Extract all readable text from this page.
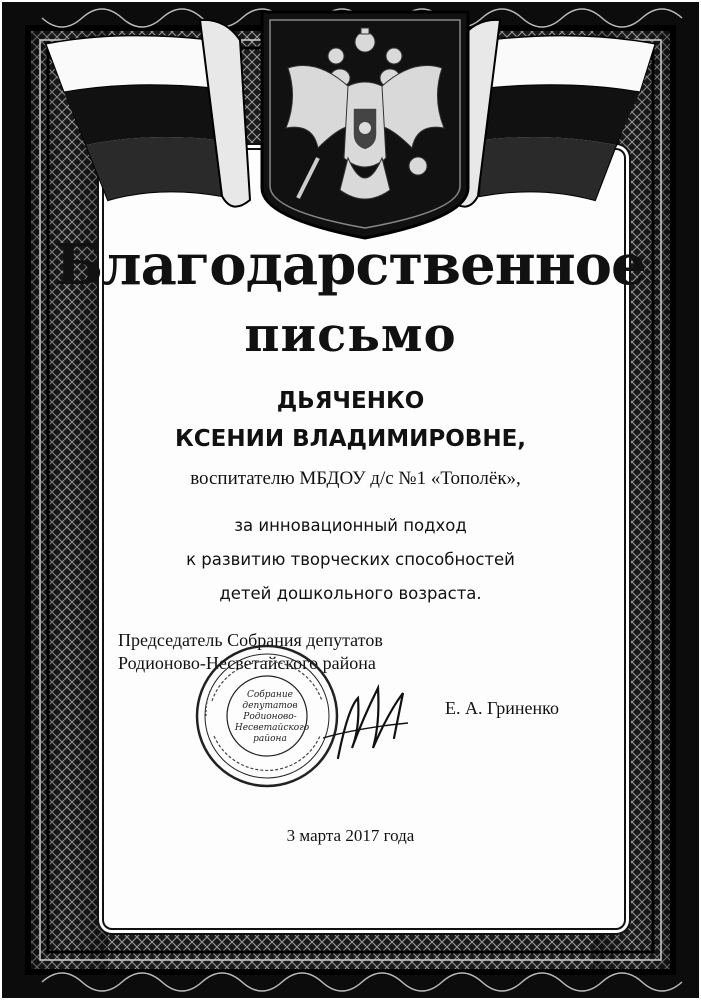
Благодарственное
письмо
ДЬЯЧЕНКО
КСЕНИИ ВЛАДИМИРОВНЕ,
воспитателю МБДОУ д/с №1 «Тополёк»,
за инновационный подход
к развитию творческих способностей
детей дошкольного возраста.
Председатель Собрания депутатов
Родионово-Несветайского района
Собрание
депутатов
Родионово-
Несветайского
района
Е. А. Гриненко
3 марта 2017 года
